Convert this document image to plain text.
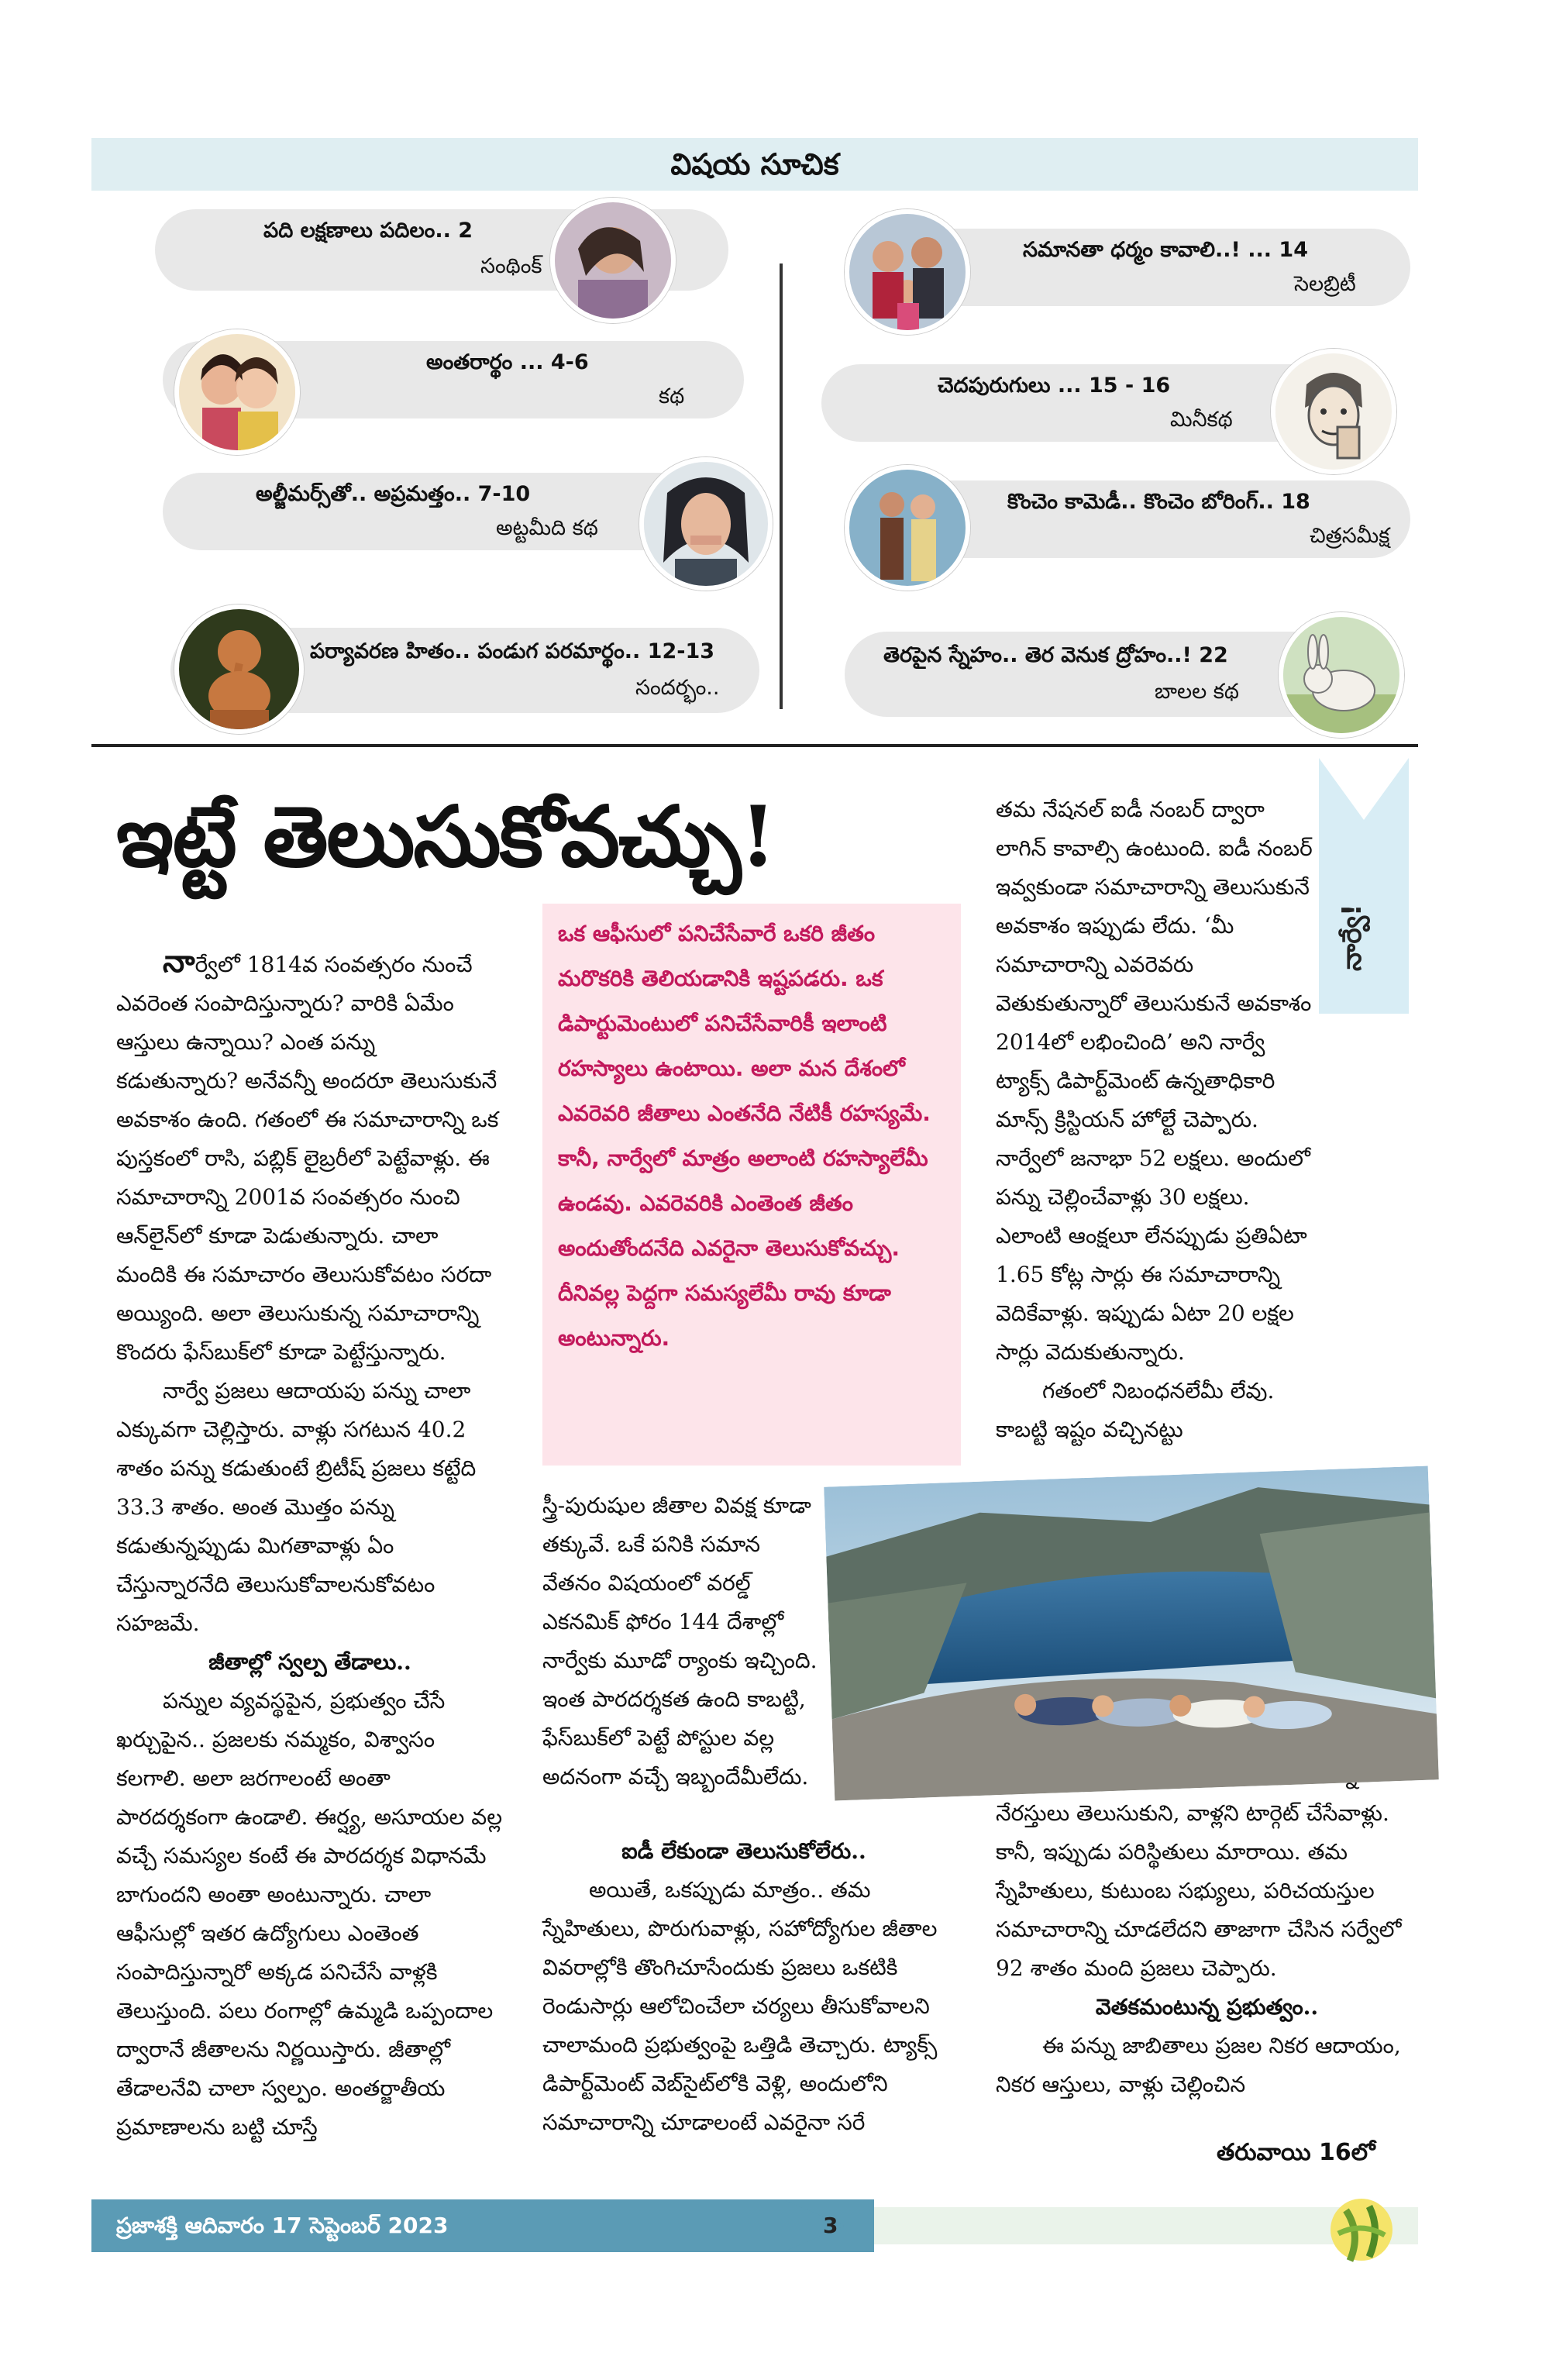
విషయ సూచిక
పది లక్షణాలు పదిలం.. 2
సంథింక్
అంతరార్థం ... 4-6
కథ
అల్జీమర్స్‌తో.. అప్రమత్తం.. 7-10
అట్టమీది కథ
పర్యావరణ హితం.. పండుగ పరమార్థం.. 12-13
సందర్భం..
సమానతా ధర్మం కావాలి..! ... 14
సెలబ్రిటీ
చెదపురుగులు ... 15 - 16
మినీకథ
కొంచెం కామెడీ.. కొంచెం బోరింగ్‌.. 18
చిత్రసమీక్ష
తెరపైన స్నేహం.. తెర వెనుక ద్రోహం..! 22
బాలల కథ
ఇట్టే తెలుసుకోవచ్చు!
నార్వే!

నార్వేలో 1814వ సంవత్సరం నుంచే ఎవరెంత సంపాదిస్తున్నారు? వారికి ఏమేం ఆస్తులు ఉన్నాయి? ఎంత పన్ను కడుతున్నారు? అనేవన్నీ అందరూ తెలుసుకునే అవకాశం ఉంది. గతంలో ఈ సమాచారాన్ని ఒక పుస్తకంలో రాసి, పబ్లిక్‌ లైబ్రరీలో పెట్టేవాళ్లు. ఈ సమాచారాన్ని 2001వ సంవత్సరం నుంచి ఆన్‌లైన్‌లో కూడా పెడుతున్నారు. చాలా మందికి ఈ సమాచారం తెలుసుకోవటం సరదా అయ్యింది. అలా తెలుసుకున్న సమాచారాన్ని కొందరు ఫేస్‌బుక్‌లో కూడా పెట్టేస్తున్నారు.

నార్వే ప్రజలు ఆదాయపు పన్ను చాలా ఎక్కువగా చెల్లిస్తారు. వాళ్లు సగటున 40.2 శాతం పన్ను కడుతుంటే బ్రిటీష్‌ ప్రజలు కట్టేది 33.3 శాతం. అంత మొత్తం పన్ను కడుతున్నప్పుడు మిగతావాళ్లు ఏం చేస్తున్నారనేది తెలుసుకోవాలనుకోవటం సహజమే.

జీతాల్లో స్వల్ప తేడాలు..

పన్నుల వ్యవస్థపైన, ప్రభుత్వం చేసే ఖర్చుపైన.. ప్రజలకు నమ్మకం, విశ్వాసం కలగాలి. అలా జరగాలంటే అంతా పారదర్శకంగా ఉండాలి. ఈర్ష్య, అసూయల వల్ల వచ్చే సమస్యల కంటే ఈ పారదర్శక విధానమే బాగుందని అంతా అంటున్నారు. చాలా ఆఫీసుల్లో ఇతర ఉద్యోగులు ఎంతెంత సంపాదిస్తున్నారో అక్కడ పనిచేసే వాళ్లకి తెలుస్తుంది. పలు రంగాల్లో ఉమ్మడి ఒప్పందాల ద్వారానే జీతాలను నిర్ణయిస్తారు. జీతాల్లో తేడాలనేవి చాలా స్వల్పం. అంతర్జాతీయ ప్రమాణాలను బట్టి చూస్తే

ఒక ఆఫీసులో పనిచేసేవారే ఒకరి జీతం మరొకరికి తెలియడానికి ఇష్టపడరు. ఒక డిపార్టుమెంటులో పనిచేసేవారికీ ఇలాంటి రహస్యాలు ఉంటాయి. అలా మన దేశంలో ఎవరెవరి జీతాలు ఎంతనేది నేటికీ రహస్యమే. కానీ, నార్వేలో మాత్రం అలాంటి రహస్యాలేమీ ఉండవు. ఎవరెవరికి ఎంతెంత జీతం అందుతోందనేది ఎవరైనా తెలుసుకోవచ్చు. దీనివల్ల పెద్దగా సమస్యలేమీ రావు కూడా అంటున్నారు.

స్త్రీ-పురుషుల జీతాల వివక్ష కూడా తక్కువే. ఒకే పనికి సమాన వేతనం విషయంలో వరల్డ్‌ ఎకనమిక్‌ ఫోరం 144 దేశాల్లో నార్వేకు మూడో ర్యాంకు ఇచ్చింది. ఇంత పారదర్శకత ఉంది కాబట్టి, ఫేస్‌బుక్‌లో పెట్టే పోస్టుల వల్ల అదనంగా వచ్చే ఇబ్బందేమీలేదు.

ఐడీ లేకుండా తెలుసుకోలేరు..

అయితే, ఒకప్పుడు మాత్రం.. తమ స్నేహితులు, పొరుగువాళ్లు, సహోద్యోగుల జీతాల వివరాల్లోకి తొంగిచూసేందుకు ప్రజలు ఒకటికి రెండుసార్లు ఆలోచించేలా చర్యలు తీసుకోవాలని చాలామంది ప్రభుత్వంపై ఒత్తిడి తెచ్చారు. ట్యాక్స్‌ డిపార్ట్‌మెంట్‌ వెబ్‌సైట్‌లోకి వెళ్లి, అందులోని సమాచారాన్ని చూడాలంటే ఎవరైనా సరే

తమ నేషనల్‌ ఐడీ నంబర్‌ ద్వారా లాగిన్‌ కావాల్సి ఉంటుంది. ఐడీ నంబర్‌ ఇవ్వకుండా సమాచారాన్ని తెలుసుకునే అవకాశం ఇప్పుడు లేదు. ‘మీ సమాచారాన్ని ఎవరెవరు వెతుకుతున్నారో తెలుసుకునే అవకాశం 2014లో లభించింది’ అని నార్వే ట్యాక్స్‌ డిపార్ట్‌మెంట్‌ ఉన్నతాధికారి మాన్స్‌ క్రిస్టియన్‌ హోల్టే చెప్పారు. నార్వేలో జనాభా 52 లక్షలు. అందులో పన్ను చెల్లించేవాళ్లు 30 లక్షలు. ఎలాంటి ఆంక్షలూ లేనప్పుడు ప్రతిఏటా 1.65 కోట్ల సార్లు ఈ సమాచారాన్ని వెదికేవాళ్లు. ఇప్పుడు ఏటా 20 లక్షల సార్లు వెదుకుతున్నారు.

గతంలో నిబంధనలేమీ లేవు. కాబట్టి ఇష్టం వచ్చినట్టు

నేరస్తులు తెలుసుకుని, వాళ్లని టార్గెట్‌ చేసేవాళ్లు. కానీ, ఇప్పుడు పరిస్థితులు మారాయి. తమ స్నేహితులు, కుటుంబ సభ్యులు, పరిచయస్తుల సమాచారాన్ని చూడలేదని తాజాగా చేసిన సర్వేలో 92 శాతం మంది ప్రజలు చెప్పారు.

వెతకమంటున్న ప్రభుత్వం..

ఈ పన్ను జాబితాలు ప్రజల నికర ఆదాయం, నికర ఆస్తులు, వాళ్లు చెల్లించిన

తరువాయి 16లో
ప్రజాశక్తి ఆదివారం 17 సెప్టెంబర్‌ 2023	3
